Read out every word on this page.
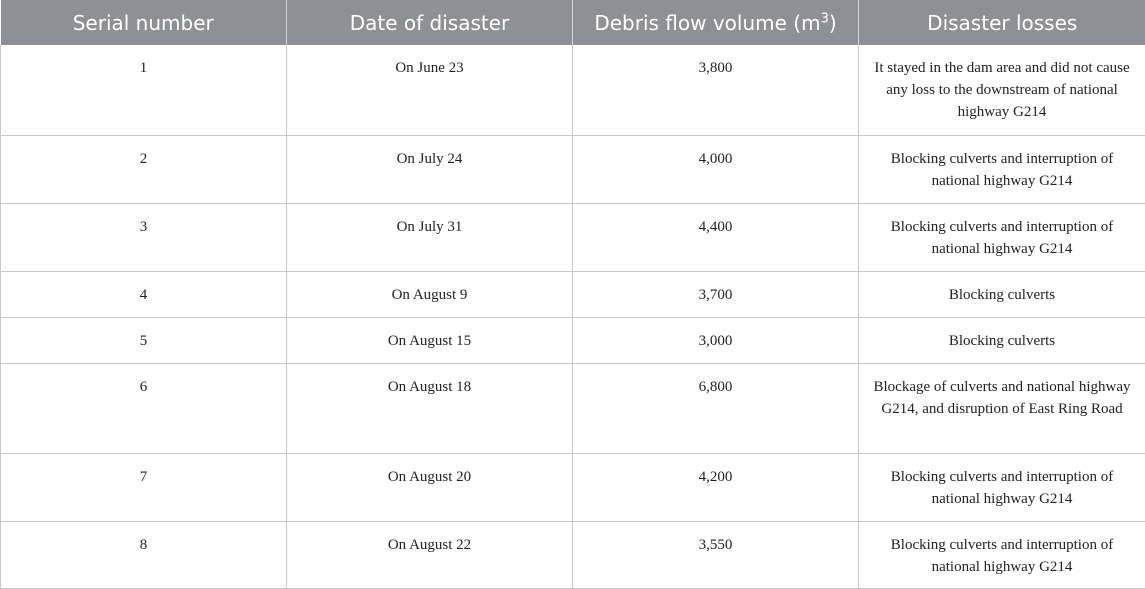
Serial number	Date of disaster	Debris flow volume $(m^3)$	Disaster losses
1	On June 23	3,800	It stayed in the dam area and did not cause any loss to the downstream of national highway G214
2	On July 24	4,000	Blocking culverts and interruption of national highway G214
3	On July 31	4,400	Blocking culverts and interruption of national highway G214
4	On August 9	3,700	Blocking culverts
5	On August 15	3,000	Blocking culverts
6	On August 18	6,800	Blockage of culverts and national highway G214, and disruption of East Ring Road
7	On August 20	4,200	Blocking culverts and interruption of national highway G214
8	On August 22	3,550	Blocking culverts and interruption of national highway G214
